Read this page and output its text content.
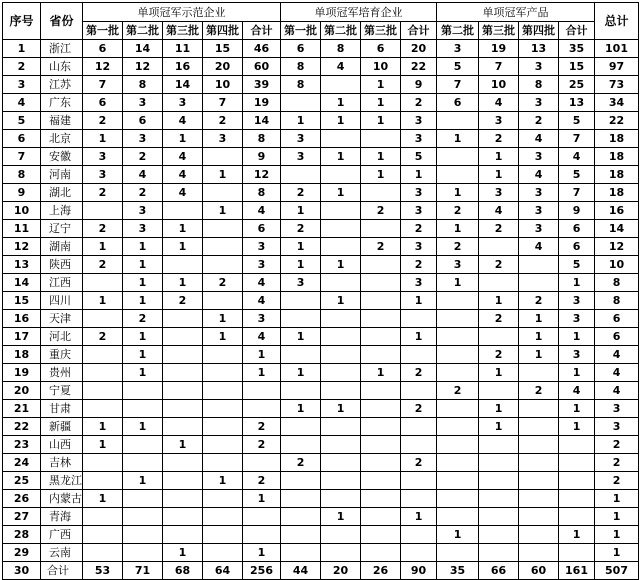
序号	省份	单项冠军示范企业					单项冠军培育企业				单项冠军产品				总计
		第一批	第二批	第三批	第四批	合计	第一批	第二批	第三批	合计	第二批	第三批	第四批	合计	
1	浙江	6	14	11	15	46	6	8	6	20	3	19	13	35	101
2	山东	12	12	16	20	60	8	4	10	22	5	7	3	15	97
3	江苏	7	8	14	10	39	8		1	9	7	10	8	25	73
4	广东	6	3	3	7	19		1	1	2	6	4	3	13	34
5	福建	2	6	4	2	14	1	1	1	3		3	2	5	22
6	北京	1	3	1	3	8	3			3	1	2	4	7	18
7	安徽	3	2	4		9	3	1	1	5		1	3	4	18
8	河南	3	4	4	1	12			1	1		1	4	5	18
9	湖北	2	2	4		8	2	1		3	1	3	3	7	18
10	上海		3		1	4	1		2	3	2	4	3	9	16
11	辽宁	2	3	1		6	2			2	1	2	3	6	14
12	湖南	1	1	1		3	1		2	3	2		4	6	12
13	陕西	2	1			3	1	1		2	3	2		5	10
14	江西		1	1	2	4	3			3	1			1	8
15	四川	1	1	2		4		1		1		1	2	3	8
16	天津		2		1	3						2	1	3	6
17	河北	2	1		1	4	1			1			1	1	6
18	重庆		1			1						2	1	3	4
19	贵州		1			1	1		1	2		1		1	4
20	宁夏										2		2	4	4
21	甘肃						1	1		2		1		1	3
22	新疆	1	1			2						1		1	3
23	山西	1		1		2									2
24	吉林						2			2					2
25	黑龙江		1		1	2									2
26	内蒙古	1				1									1
27	青海							1		1					1
28	广西										1			1	1
29	云南			1		1									1
30	合计	53	71	68	64	256	44	20	26	90	35	66	60	161	507
